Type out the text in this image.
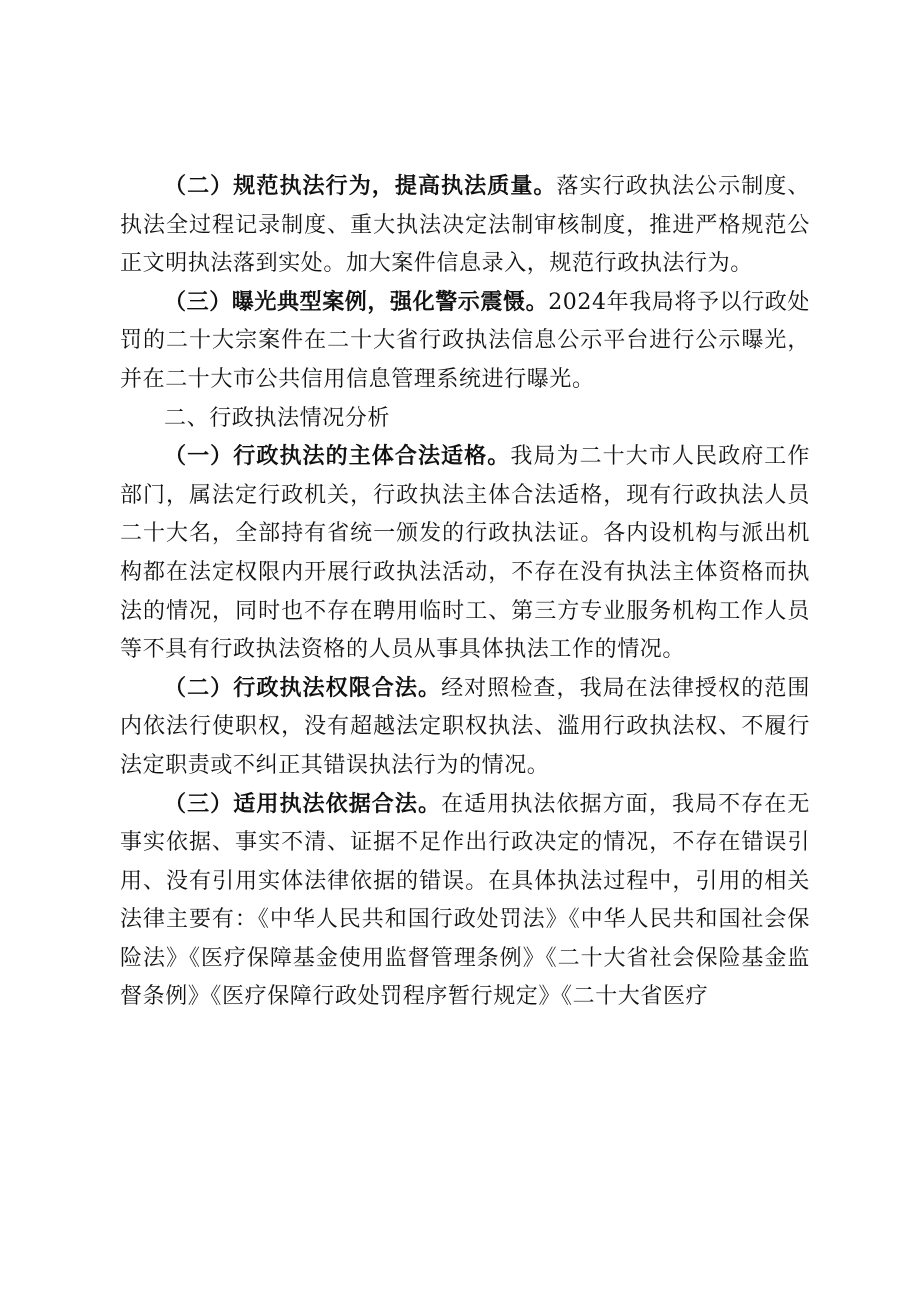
（二）规范执法行为，提高执法质量。落实行政执法公示制度、执法全过程记录制度、重大执法决定法制审核制度，推进严格规范公正文明执法落到实处。加大案件信息录入，规范行政执法行为。

（三）曝光典型案例，强化警示震慑。2024年我局将予以行政处罚的二十大宗案件在二十大省行政执法信息公示平台进行公示曝光，并在二十大市公共信用信息管理系统进行曝光。

二、行政执法情况分析

（一）行政执法的主体合法适格。我局为二十大市人民政府工作部门，属法定行政机关，行政执法主体合法适格，现有行政执法人员二十大名，全部持有省统一颁发的行政执法证。各内设机构与派出机构都在法定权限内开展行政执法活动，不存在没有执法主体资格而执法的情况，同时也不存在聘用临时工、第三方专业服务机构工作人员等不具有行政执法资格的人员从事具体执法工作的情况。

（二）行政执法权限合法。经对照检查，我局在法律授权的范围内依法行使职权，没有超越法定职权执法、滥用行政执法权、不履行法定职责或不纠正其错误执法行为的情况。

（三）适用执法依据合法。在适用执法依据方面，我局不存在无事实依据、事实不清、证据不足作出行政决定的情况，不存在错误引用、没有引用实体法律依据的错误。在具体执法过程中，引用的相关法律主要有：《中华人民共和国行政处罚法》《中华人民共和国社会保险法》《医疗保障基金使用监督管理条例》《二十大省社会保险基金监督条例》《医疗保障行政处罚程序暂行规定》《二十大省医疗
